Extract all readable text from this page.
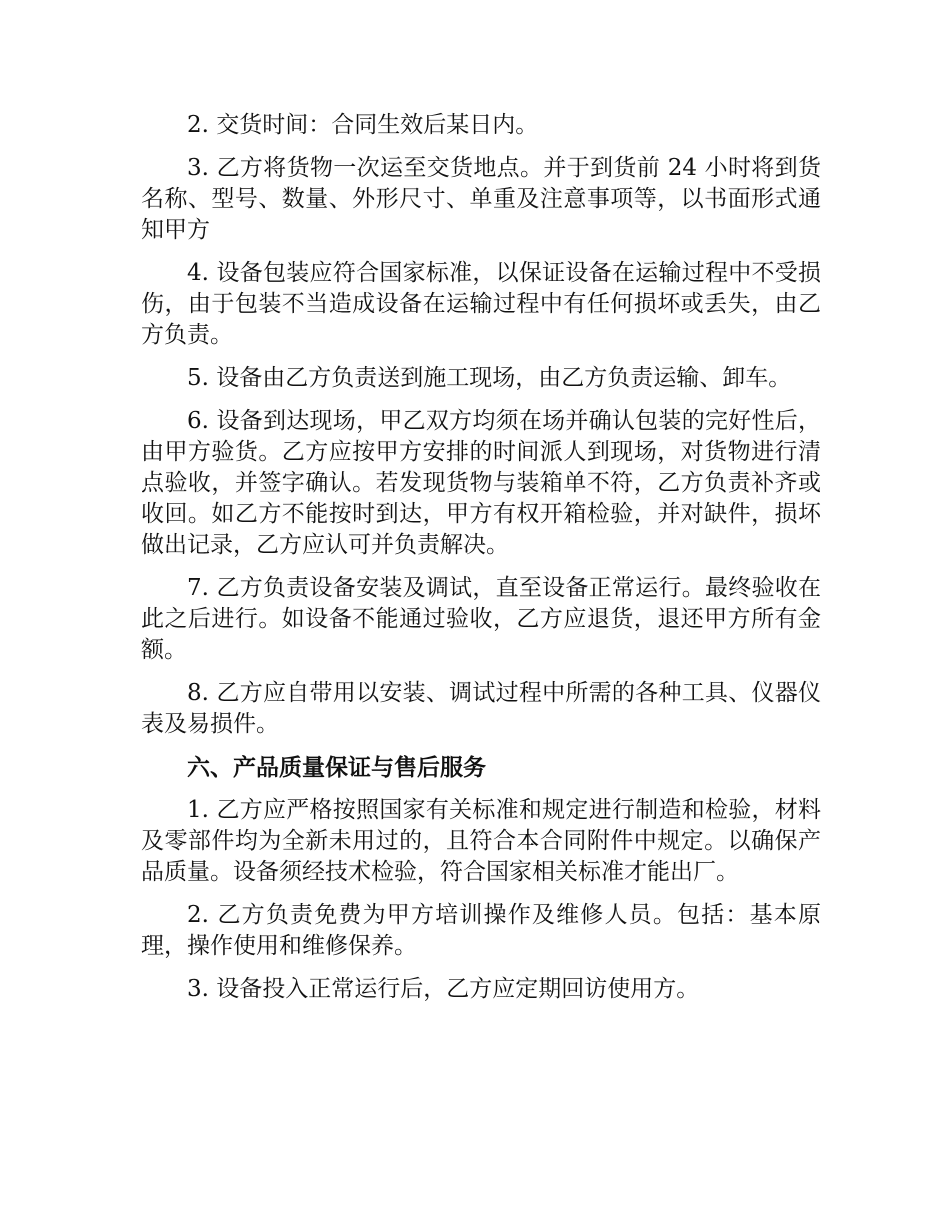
2. 交货时间：合同生效后某日内。

3. 乙方将货物一次运至交货地点。并于到货前 24 小时将到货名称、型号、数量、外形尺寸、单重及注意事项等，以书面形式通知甲方

4. 设备包装应符合国家标准，以保证设备在运输过程中不受损伤，由于包装不当造成设备在运输过程中有任何损坏或丢失，由乙方负责。

5. 设备由乙方负责送到施工现场，由乙方负责运输、卸车。

6. 设备到达现场，甲乙双方均须在场并确认包装的完好性后，由甲方验货。乙方应按甲方安排的时间派人到现场，对货物进行清点验收，并签字确认。若发现货物与装箱单不符，乙方负责补齐或收回。如乙方不能按时到达，甲方有权开箱检验，并对缺件，损坏做出记录，乙方应认可并负责解决。

7. 乙方负责设备安装及调试，直至设备正常运行。最终验收在此之后进行。如设备不能通过验收，乙方应退货，退还甲方所有金额。

8. 乙方应自带用以安装、调试过程中所需的各种工具、仪器仪表及易损件。

六、产品质量保证与售后服务

1. 乙方应严格按照国家有关标准和规定进行制造和检验，材料及零部件均为全新未用过的，且符合本合同附件中规定。以确保产品质量。设备须经技术检验，符合国家相关标准才能出厂。

2. 乙方负责免费为甲方培训操作及维修人员。包括：基本原理，操作使用和维修保养。

3. 设备投入正常运行后，乙方应定期回访使用方。
